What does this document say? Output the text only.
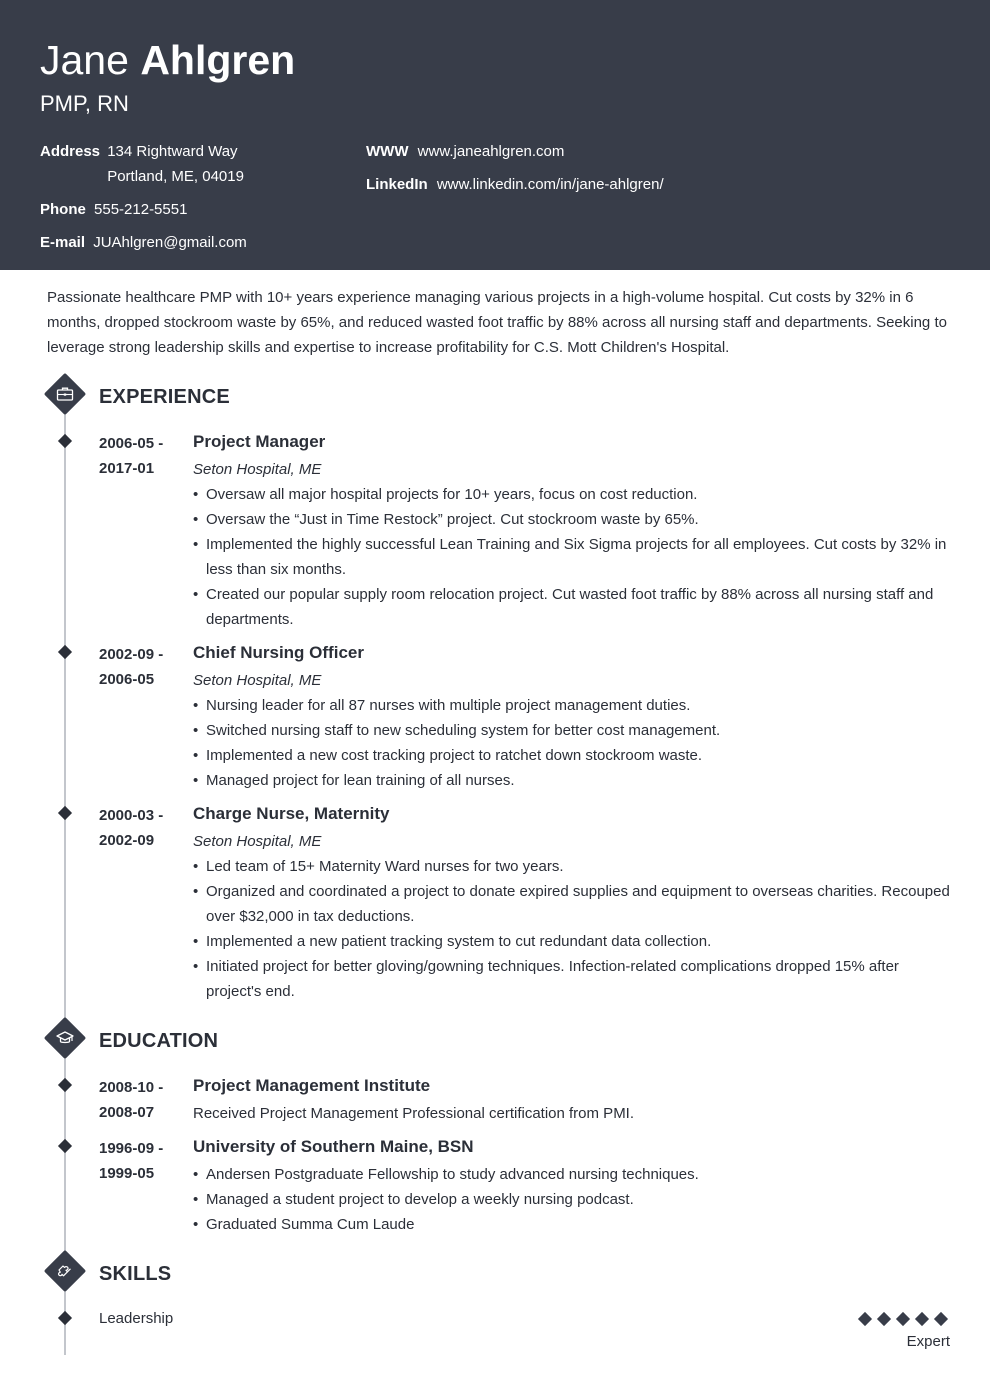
Jane Ahlgren
PMP, RN
Address 134 Rightward Way
Portland, ME, 04019
Phone 555-212-5551
E-mail JUAhlgren@gmail.com
WWW www.janeahlgren.com
LinkedIn www.linkedin.com/in/jane-ahlgren/
Passionate healthcare PMP with 10+ years experience managing various projects in a high-volume hospital. Cut costs by 32% in 6 months, dropped stockroom waste by 65%, and reduced wasted foot traffic by 88% across all nursing staff and departments. Seeking to leverage strong leadership skills and expertise to increase profitability for C.S. Mott Children's Hospital.
EXPERIENCE
2006-05 -
2017-01
Project Manager
Seton Hospital, ME
• Oversaw all major hospital projects for 10+ years, focus on cost reduction.
• Oversaw the “Just in Time Restock” project. Cut stockroom waste by 65%.
• Implemented the highly successful Lean Training and Six Sigma projects for all employees. Cut costs by 32% in less than six months.
• Created our popular supply room relocation project. Cut wasted foot traffic by 88% across all nursing staff and departments.
2002-09 -
2006-05
Chief Nursing Officer
Seton Hospital, ME
• Nursing leader for all 87 nurses with multiple project management duties.
• Switched nursing staff to new scheduling system for better cost management.
• Implemented a new cost tracking project to ratchet down stockroom waste.
• Managed project for lean training of all nurses.
2000-03 -
2002-09
Charge Nurse, Maternity
Seton Hospital, ME
• Led team of 15+ Maternity Ward nurses for two years.
• Organized and coordinated a project to donate expired supplies and equipment to overseas charities. Recouped over $32,000 in tax deductions.
• Implemented a new patient tracking system to cut redundant data collection.
• Initiated project for better gloving/gowning techniques. Infection-related complications dropped 15% after project's end.
EDUCATION
2008-10 -
2008-07
Project Management Institute
Received Project Management Professional certification from PMI.
1996-09 -
1999-05
University of Southern Maine, BSN
• Andersen Postgraduate Fellowship to study advanced nursing techniques.
• Managed a student project to develop a weekly nursing podcast.
• Graduated Summa Cum Laude
SKILLS
Leadership
Expert
